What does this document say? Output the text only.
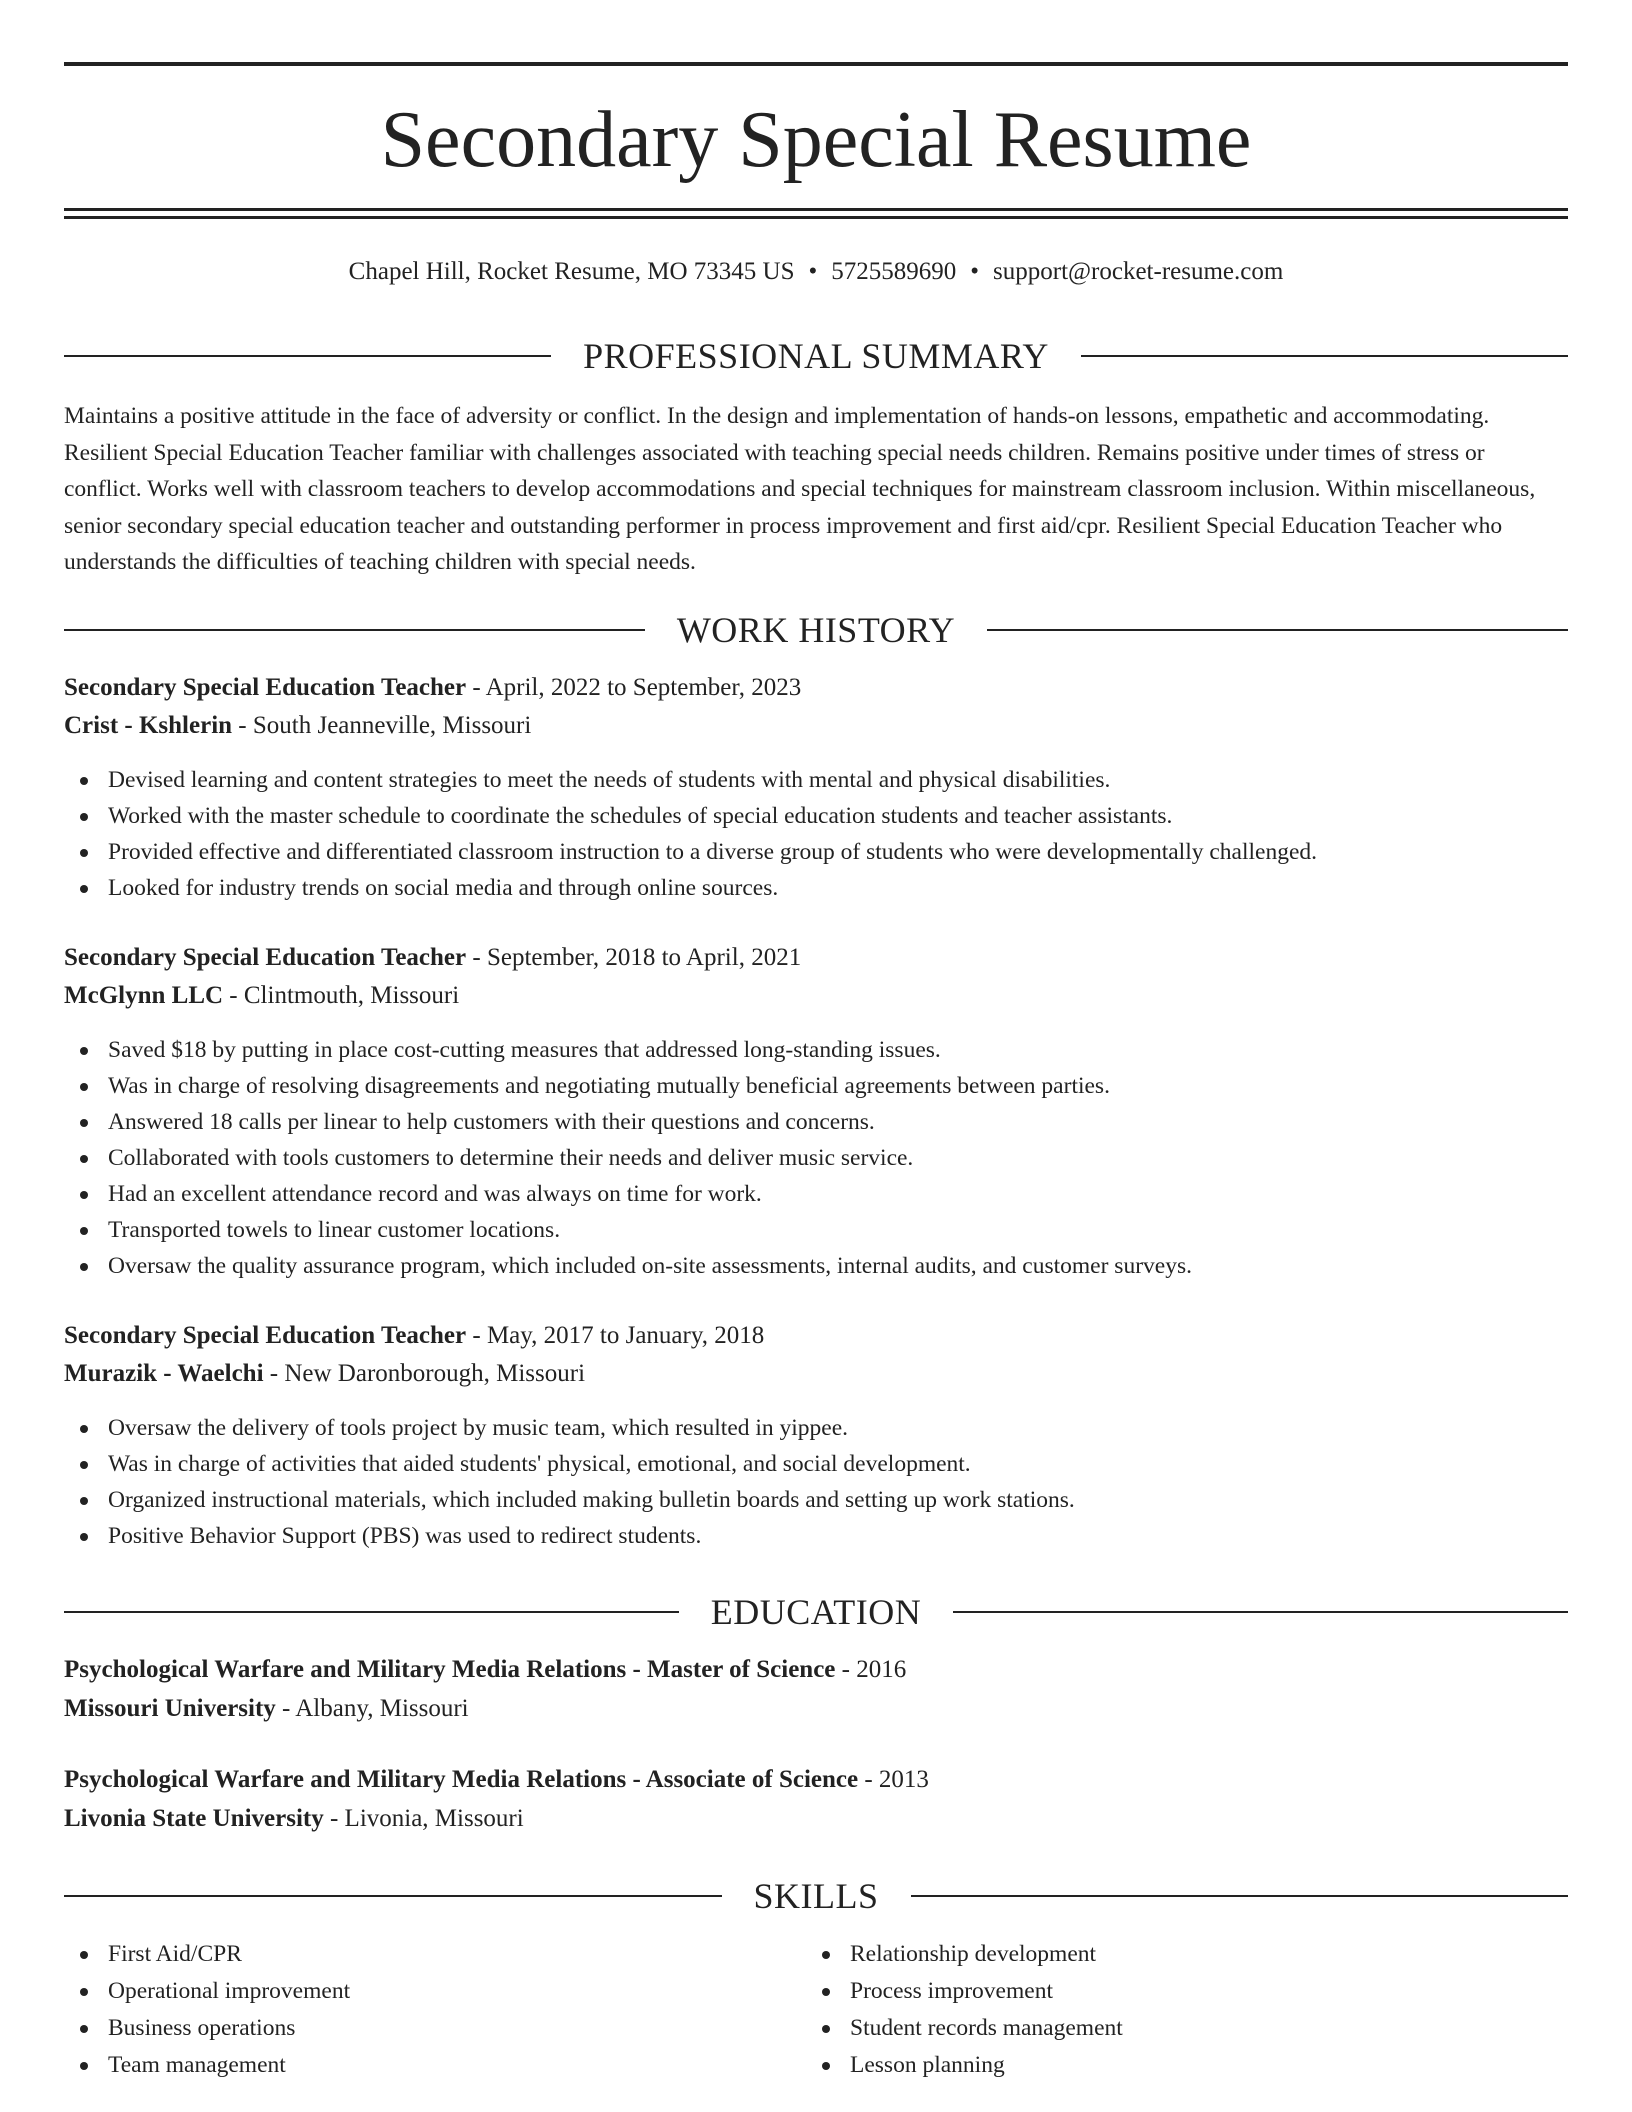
Secondary Special Resume
Chapel Hill, Rocket Resume, MO 73345 US • 5725589690 • support@rocket-resume.com
PROFESSIONAL SUMMARY
Maintains a positive attitude in the face of adversity or conflict. In the design and implementation of hands-on lessons, empathetic and accommodating. Resilient Special Education Teacher familiar with challenges associated with teaching special needs children. Remains positive under times of stress or conflict. Works well with classroom teachers to develop accommodations and special techniques for mainstream classroom inclusion. Within miscellaneous, senior secondary special education teacher and outstanding performer in process improvement and first aid/cpr. Resilient Special Education Teacher who understands the difficulties of teaching children with special needs.
WORK HISTORY
Secondary Special Education Teacher - April, 2022 to September, 2023
Crist - Kshlerin - South Jeanneville, Missouri
Devised learning and content strategies to meet the needs of students with mental and physical disabilities.
Worked with the master schedule to coordinate the schedules of special education students and teacher assistants.
Provided effective and differentiated classroom instruction to a diverse group of students who were developmentally challenged.
Looked for industry trends on social media and through online sources.
Secondary Special Education Teacher - September, 2018 to April, 2021
McGlynn LLC - Clintmouth, Missouri
Saved $18 by putting in place cost-cutting measures that addressed long-standing issues.
Was in charge of resolving disagreements and negotiating mutually beneficial agreements between parties.
Answered 18 calls per linear to help customers with their questions and concerns.
Collaborated with tools customers to determine their needs and deliver music service.
Had an excellent attendance record and was always on time for work.
Transported towels to linear customer locations.
Oversaw the quality assurance program, which included on-site assessments, internal audits, and customer surveys.
Secondary Special Education Teacher - May, 2017 to January, 2018
Murazik - Waelchi - New Daronborough, Missouri
Oversaw the delivery of tools project by music team, which resulted in yippee.
Was in charge of activities that aided students' physical, emotional, and social development.
Organized instructional materials, which included making bulletin boards and setting up work stations.
Positive Behavior Support (PBS) was used to redirect students.
EDUCATION
Psychological Warfare and Military Media Relations - Master of Science - 2016
Missouri University - Albany, Missouri
Psychological Warfare and Military Media Relations - Associate of Science - 2013
Livonia State University - Livonia, Missouri
SKILLS
First Aid/CPR
Operational improvement
Business operations
Team management
Relationship development
Process improvement
Student records management
Lesson planning
